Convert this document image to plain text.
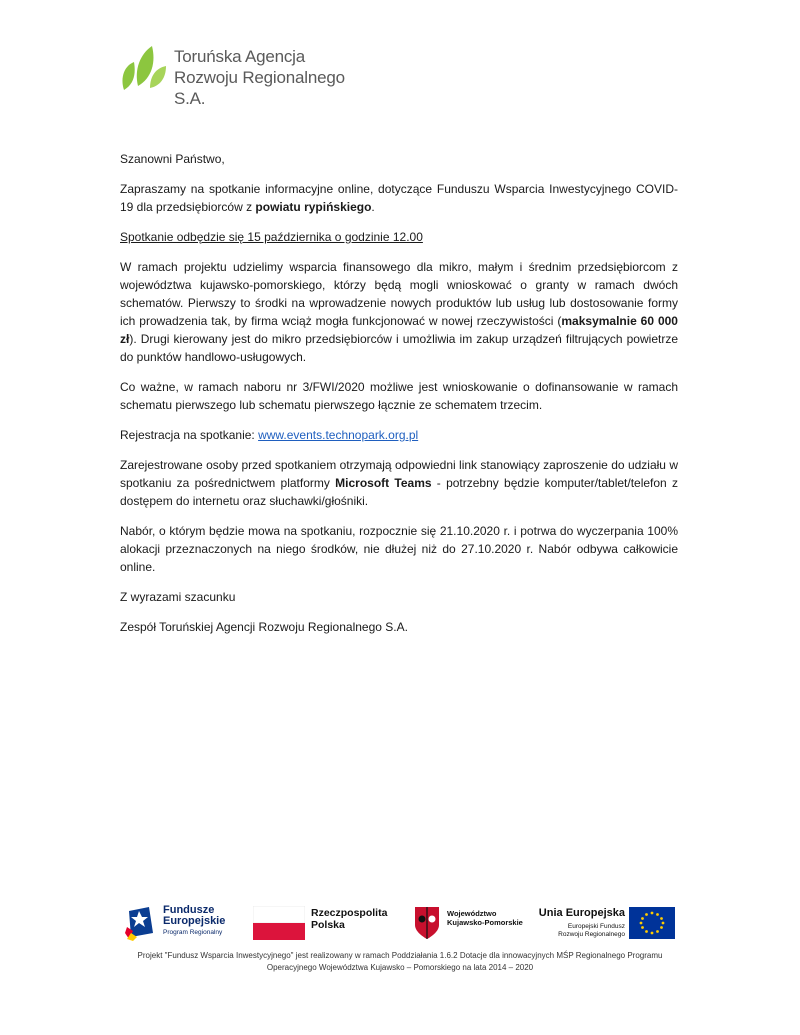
Toruńska Agencja
Rozwoju Regionalnego S.A.

Szanowni Państwo,

Zapraszamy na spotkanie informacyjne online, dotyczące Funduszu Wsparcia Inwestycyjnego COVID-19 dla przedsiębiorców z powiatu rypińskiego.

Spotkanie odbędzie się 15 października o godzinie 12.00

W ramach projektu udzielimy wsparcia finansowego dla mikro, małym i średnim przedsiębiorcom z województwa kujawsko-pomorskiego, którzy będą mogli wnioskować o granty w ramach dwóch schematów. Pierwszy to środki na wprowadzenie nowych produktów lub usług lub dostosowanie formy ich prowadzenia tak, by firma wciąż mogła funkcjonować w nowej rzeczywistości (maksymalnie 60 000 zł). Drugi kierowany jest do mikro przedsiębiorców i umożliwia im zakup urządzeń filtrujących powietrze do punktów handlowo-usługowych.

Co ważne, w ramach naboru nr 3/FWI/2020 możliwe jest wnioskowanie o dofinansowanie w ramach schematu pierwszego lub schematu pierwszego łącznie ze schematem trzecim.

Rejestracja na spotkanie: www.events.technopark.org.pl

Zarejestrowane osoby przed spotkaniem otrzymają odpowiedni link stanowiący zaproszenie do udziału w spotkaniu za pośrednictwem platformy Microsoft Teams - potrzebny będzie komputer/tablet/telefon z dostępem do internetu oraz słuchawki/głośniki.

Nabór, o którym będzie mowa na spotkaniu, rozpocznie się 21.10.2020 r. i potrwa do wyczerpania 100% alokacji przeznaczonych na niego środków, nie dłużej niż do 27.10.2020 r. Nabór odbywa całkowicie online.

Z wyrazami szacunku

Zespół Toruńskiej Agencji Rozwoju Regionalnego S.A.

Fundusze
Europejskie
Program Regionalny
Rzeczpospolita
Polska
Województwo
Kujawsko-Pomorskie
Unia Europejska
Europejski Fundusz
Rozwoju Regionalnego
Projekt "Fundusz Wsparcia Inwestycyjnego" jest realizowany w ramach Poddziałania 1.6.2 Dotacje dla innowacyjnych MŚP Regionalnego Programu Operacyjnego Województwa Kujawsko – Pomorskiego na lata 2014 – 2020
